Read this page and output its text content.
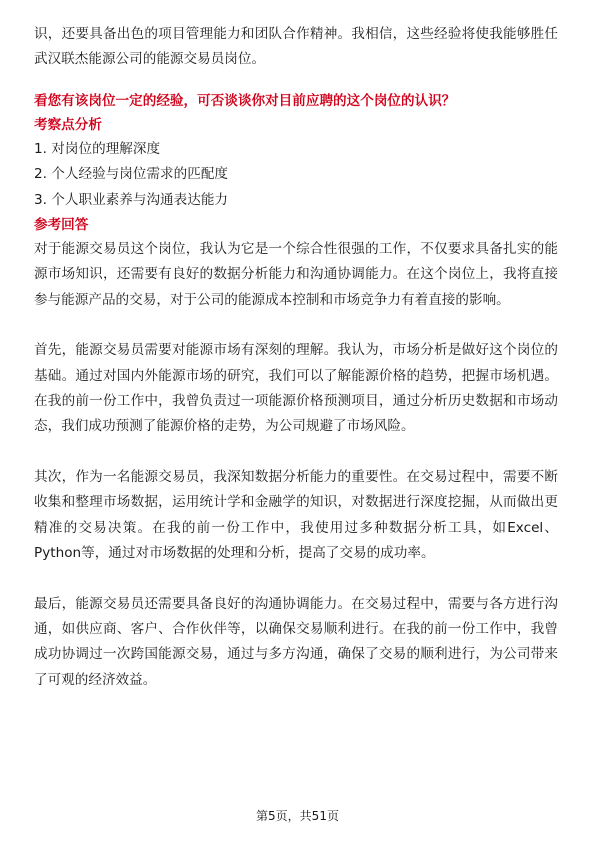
识，还要具备出色的项目管理能力和团队合作精神。我相信，这些经验将使我能够胜任武汉联杰能源公司的能源交易员岗位。

看您有该岗位一定的经验，可否谈谈你对目前应聘的这个岗位的认识？

考察点分析

1. 对岗位的理解深度

2. 个人经验与岗位需求的匹配度

3. 个人职业素养与沟通表达能力

参考回答

对于能源交易员这个岗位，我认为它是一个综合性很强的工作，不仅要求具备扎实的能源市场知识，还需要有良好的数据分析能力和沟通协调能力。在这个岗位上，我将直接参与能源产品的交易，对于公司的能源成本控制和市场竞争力有着直接的影响。

首先，能源交易员需要对能源市场有深刻的理解。我认为，市场分析是做好这个岗位的基础。通过对国内外能源市场的研究，我们可以了解能源价格的趋势，把握市场机遇。在我的前一份工作中，我曾负责过一项能源价格预测项目，通过分析历史数据和市场动态，我们成功预测了能源价格的走势，为公司规避了市场风险。

其次，作为一名能源交易员，我深知数据分析能力的重要性。在交易过程中，需要不断收集和整理市场数据，运用统计学和金融学的知识，对数据进行深度挖掘，从而做出更精准的交易决策。在我的前一份工作中，我使用过多种数据分析工具，如Excel、Python等，通过对市场数据的处理和分析，提高了交易的成功率。

最后，能源交易员还需要具备良好的沟通协调能力。在交易过程中，需要与各方进行沟通，如供应商、客户、合作伙伴等，以确保交易顺利进行。在我的前一份工作中，我曾成功协调过一次跨国能源交易，通过与多方沟通，确保了交易的顺利进行，为公司带来了可观的经济效益。

第5页，共51页
